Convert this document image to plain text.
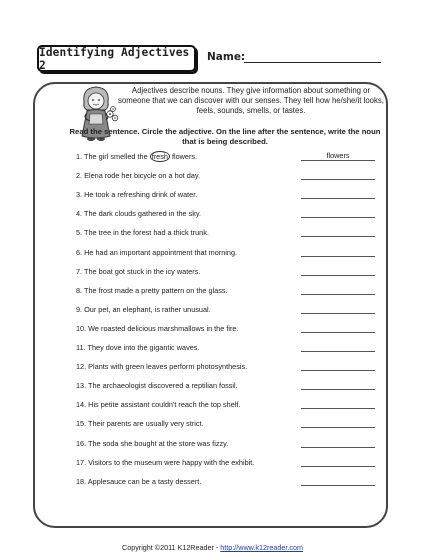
Identifying Adjectives 2
Name:
Adjectives describe nouns. They give information about something or someone that we can discover with our senses. They tell how he/she/it looks, feels, sounds, smells, or tastes.
Read the sentence. Circle the adjective. On the line after the sentence, write the noun that is being described.
1. The girl smelled the fresh flowers.	flowers
2. Elena rode her bicycle on a hot day.
3. He took a refreshing drink of water.
4. The dark clouds gathered in the sky.
5. The tree in the forest had a thick trunk.
6. He had an important appointment that morning.
7. The boat got stuck in the icy waters.
8. The frost made a pretty pattern on the glass.
9. Our pet, an elephant, is rather unusual.
10. We roasted delicious marshmallows in the fire.
11. They dove into the gigantic waves.
12. Plants with green leaves perform photosynthesis.
13. The archaeologist discovered a reptilian fossil.
14. His petite assistant couldn't reach the top shelf.
15. Their parents are usually very strict.
16. The soda she bought at the store was fizzy.
17. Visitors to the museum were happy with the exhibit.
18. Applesauce can be a tasty dessert.
Copyright ©2011 K12Reader - http://www.k12reader.com
